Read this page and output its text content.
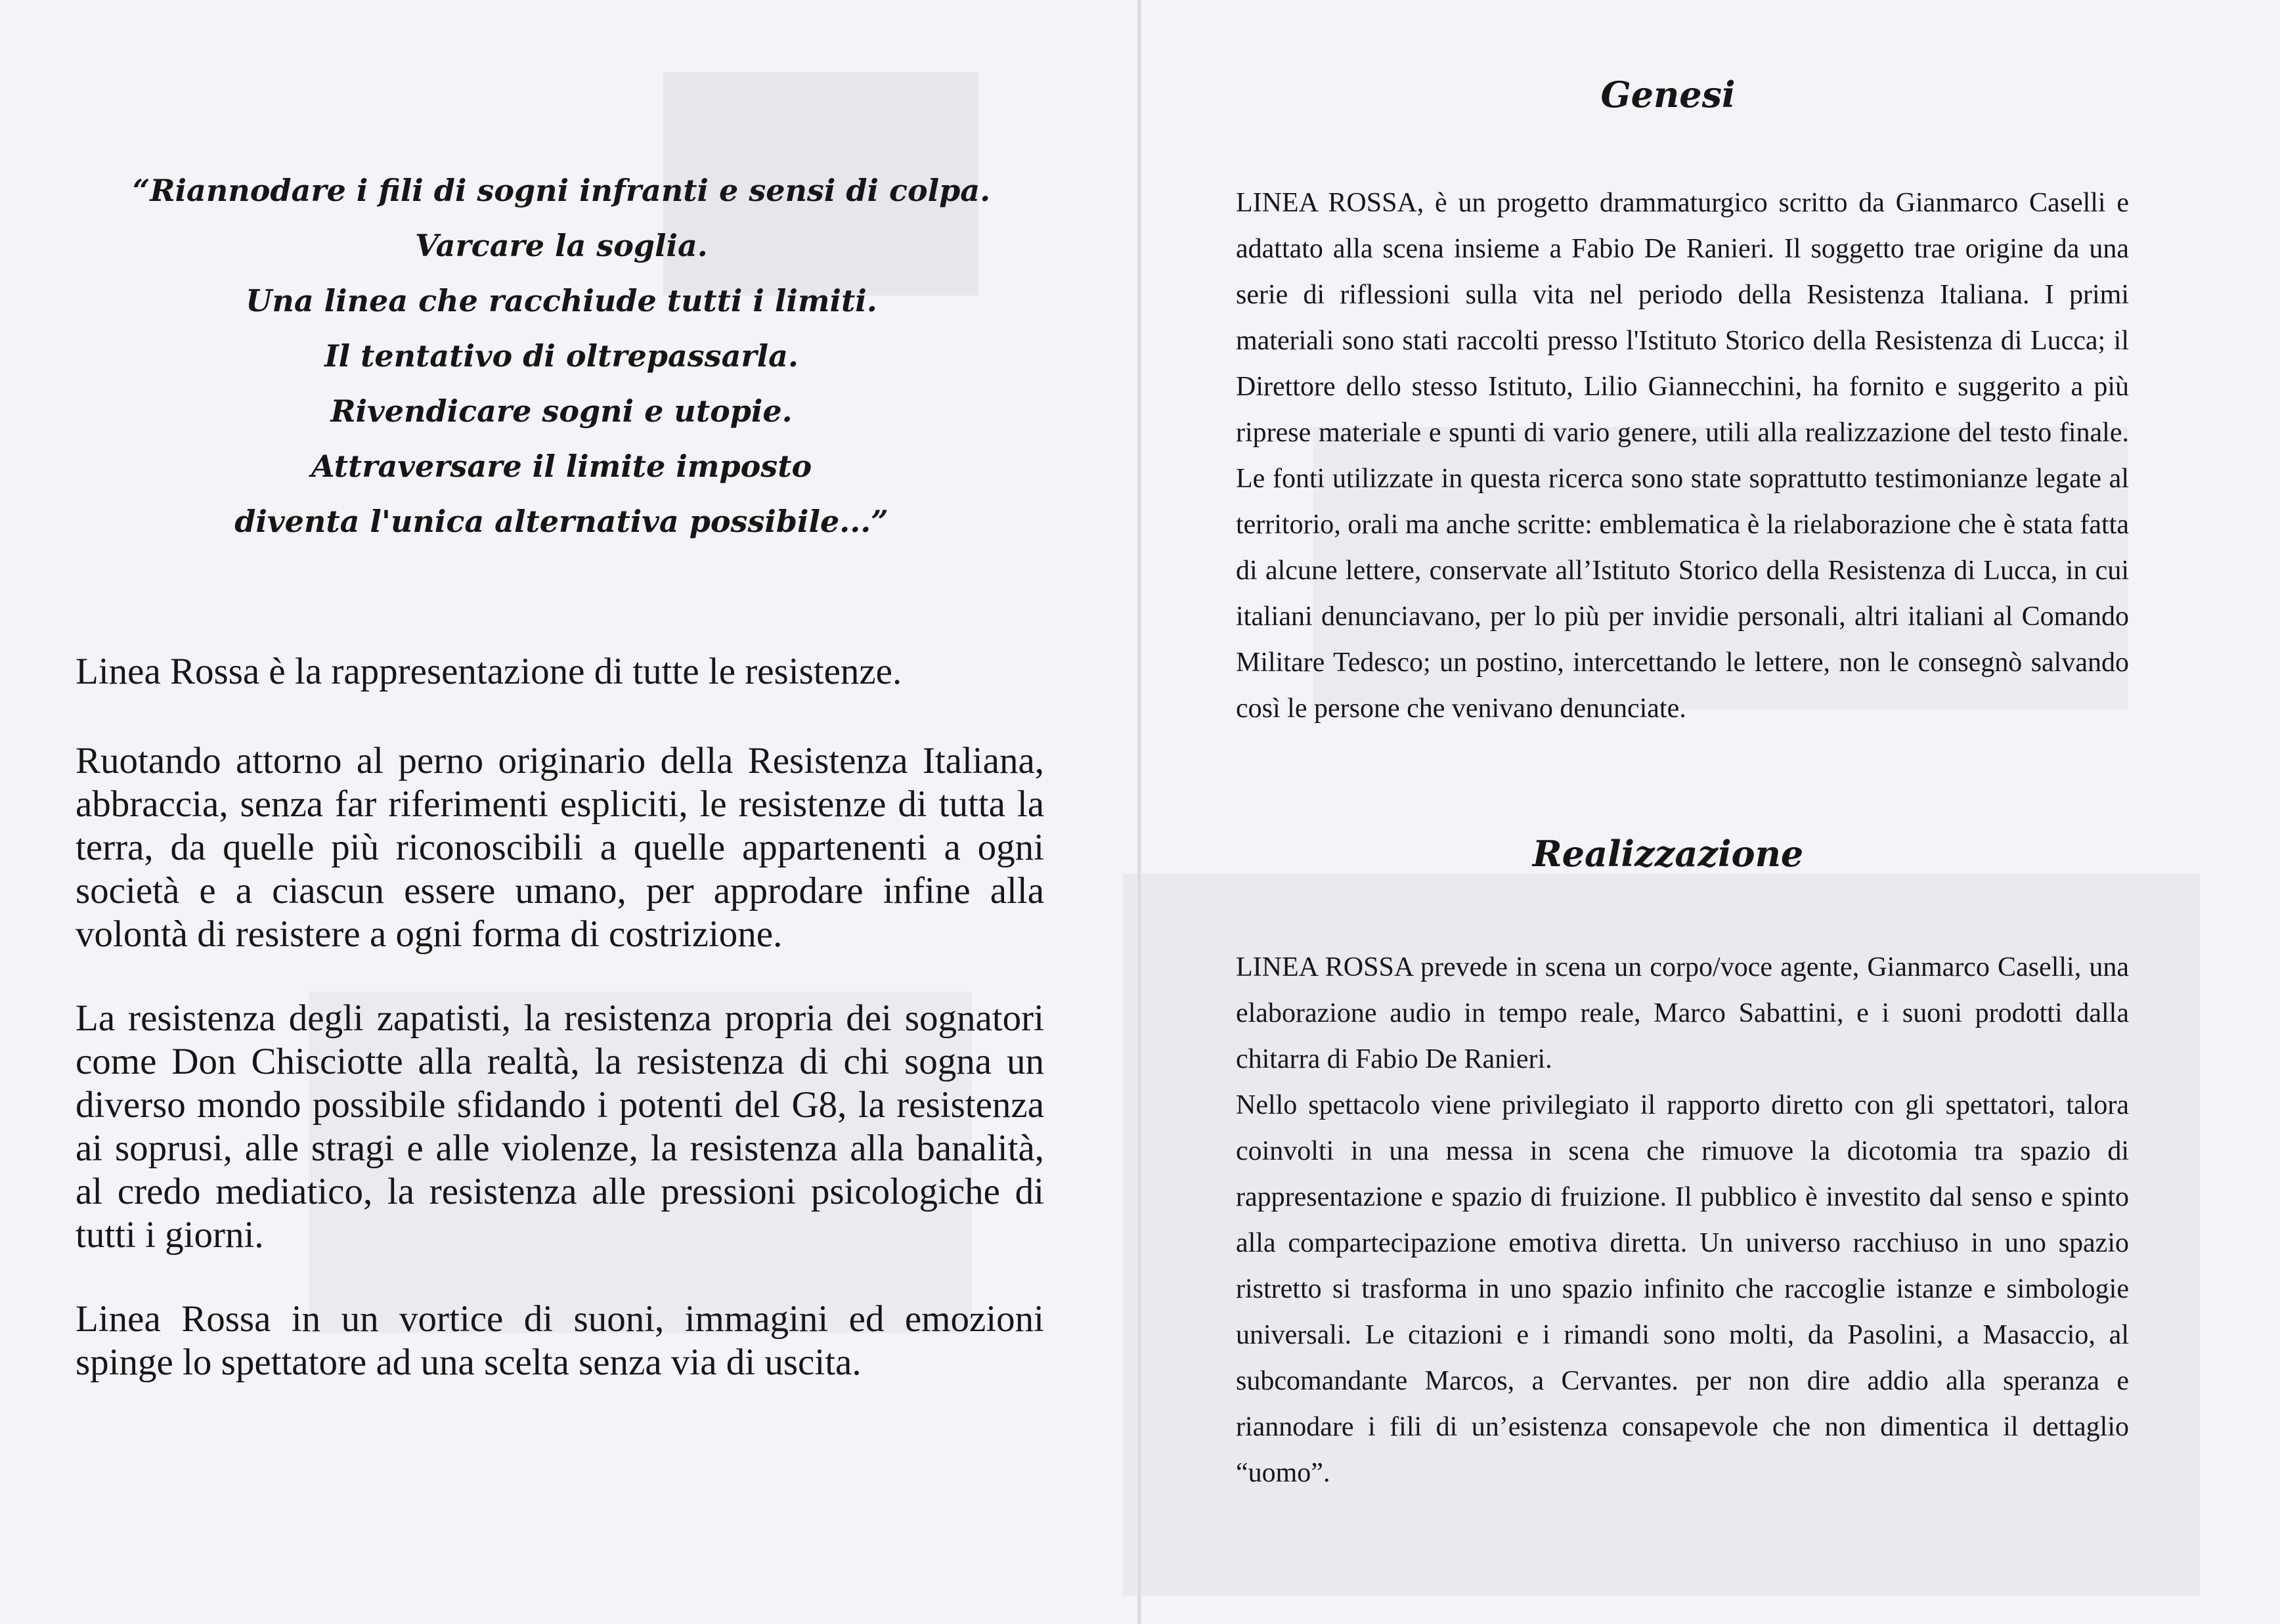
“Riannodare i fili di sogni infranti e sensi di colpa.
Varcare la soglia.
Una linea che racchiude tutti i limiti.
Il tentativo di oltrepassarla.
Rivendicare sogni e utopie.
Attraversare il limite imposto
diventa l'unica alternativa possibile...”

Linea Rossa è la rappresentazione di tutte le resistenze.

Ruotando attorno al perno originario della Resistenza Italiana, abbraccia, senza far riferimenti espliciti, le resistenze di tutta la terra, da quelle più riconoscibili a quelle appartenenti a ogni società e a ciascun essere umano, per approdare infine alla volontà di resistere a ogni forma di costrizione.

La resistenza degli zapatisti, la resistenza propria dei sognatori come Don Chisciotte alla realtà, la resistenza di chi sogna un diverso mondo possibile sfidando i potenti del G8, la resistenza ai soprusi, alle stragi e alle violenze, la resistenza alla banalità, al credo mediatico, la resistenza alle pressioni psicologiche di tutti i giorni.

Linea Rossa in un vortice di suoni, immagini ed emozioni spinge lo spettatore ad una scelta senza via di uscita.

Genesi

LINEA ROSSA, è un progetto drammaturgico scritto da Gianmarco Caselli e adattato alla scena insieme a Fabio De Ranieri. Il soggetto trae origine da una serie di riflessioni sulla vita nel periodo della Resistenza Italiana. I primi materiali sono stati raccolti presso l'Istituto Storico della Resistenza di Lucca; il Direttore dello stesso Istituto, Lilio Giannecchini, ha fornito e suggerito a più riprese materiale e spunti di vario genere, utili alla realizzazione del testo finale. Le fonti utilizzate in questa ricerca sono state soprattutto testimonianze legate al territorio, orali ma anche scritte: emblematica è la rielaborazione che è stata fatta di alcune lettere, conservate all’Istituto Storico della Resistenza di Lucca, in cui italiani denunciavano, per lo più per invidie personali, altri italiani al Comando Militare Tedesco; un postino, intercettando le lettere, non le consegnò salvando così le persone che venivano denunciate.

Realizzazione

LINEA ROSSA prevede in scena un corpo/voce agente, Gianmarco Caselli, una elaborazione audio in tempo reale, Marco Sabattini, e i suoni prodotti dalla chitarra di Fabio De Ranieri.

Nello spettacolo viene privilegiato il rapporto diretto con gli spettatori, talora coinvolti in una messa in scena che rimuove la dicotomia tra spazio di rappresentazione e spazio di fruizione. Il pubblico è investito dal senso e spinto alla compartecipazione emotiva diretta. Un universo racchiuso in uno spazio ristretto si trasforma in uno spazio infinito che raccoglie istanze e simbologie universali. Le citazioni e i rimandi sono molti, da Pasolini, a Masaccio, al subcomandante Marcos, a Cervantes. per non dire addio alla speranza e riannodare i fili di un’esistenza consapevole che non dimentica il dettaglio “uomo”.
